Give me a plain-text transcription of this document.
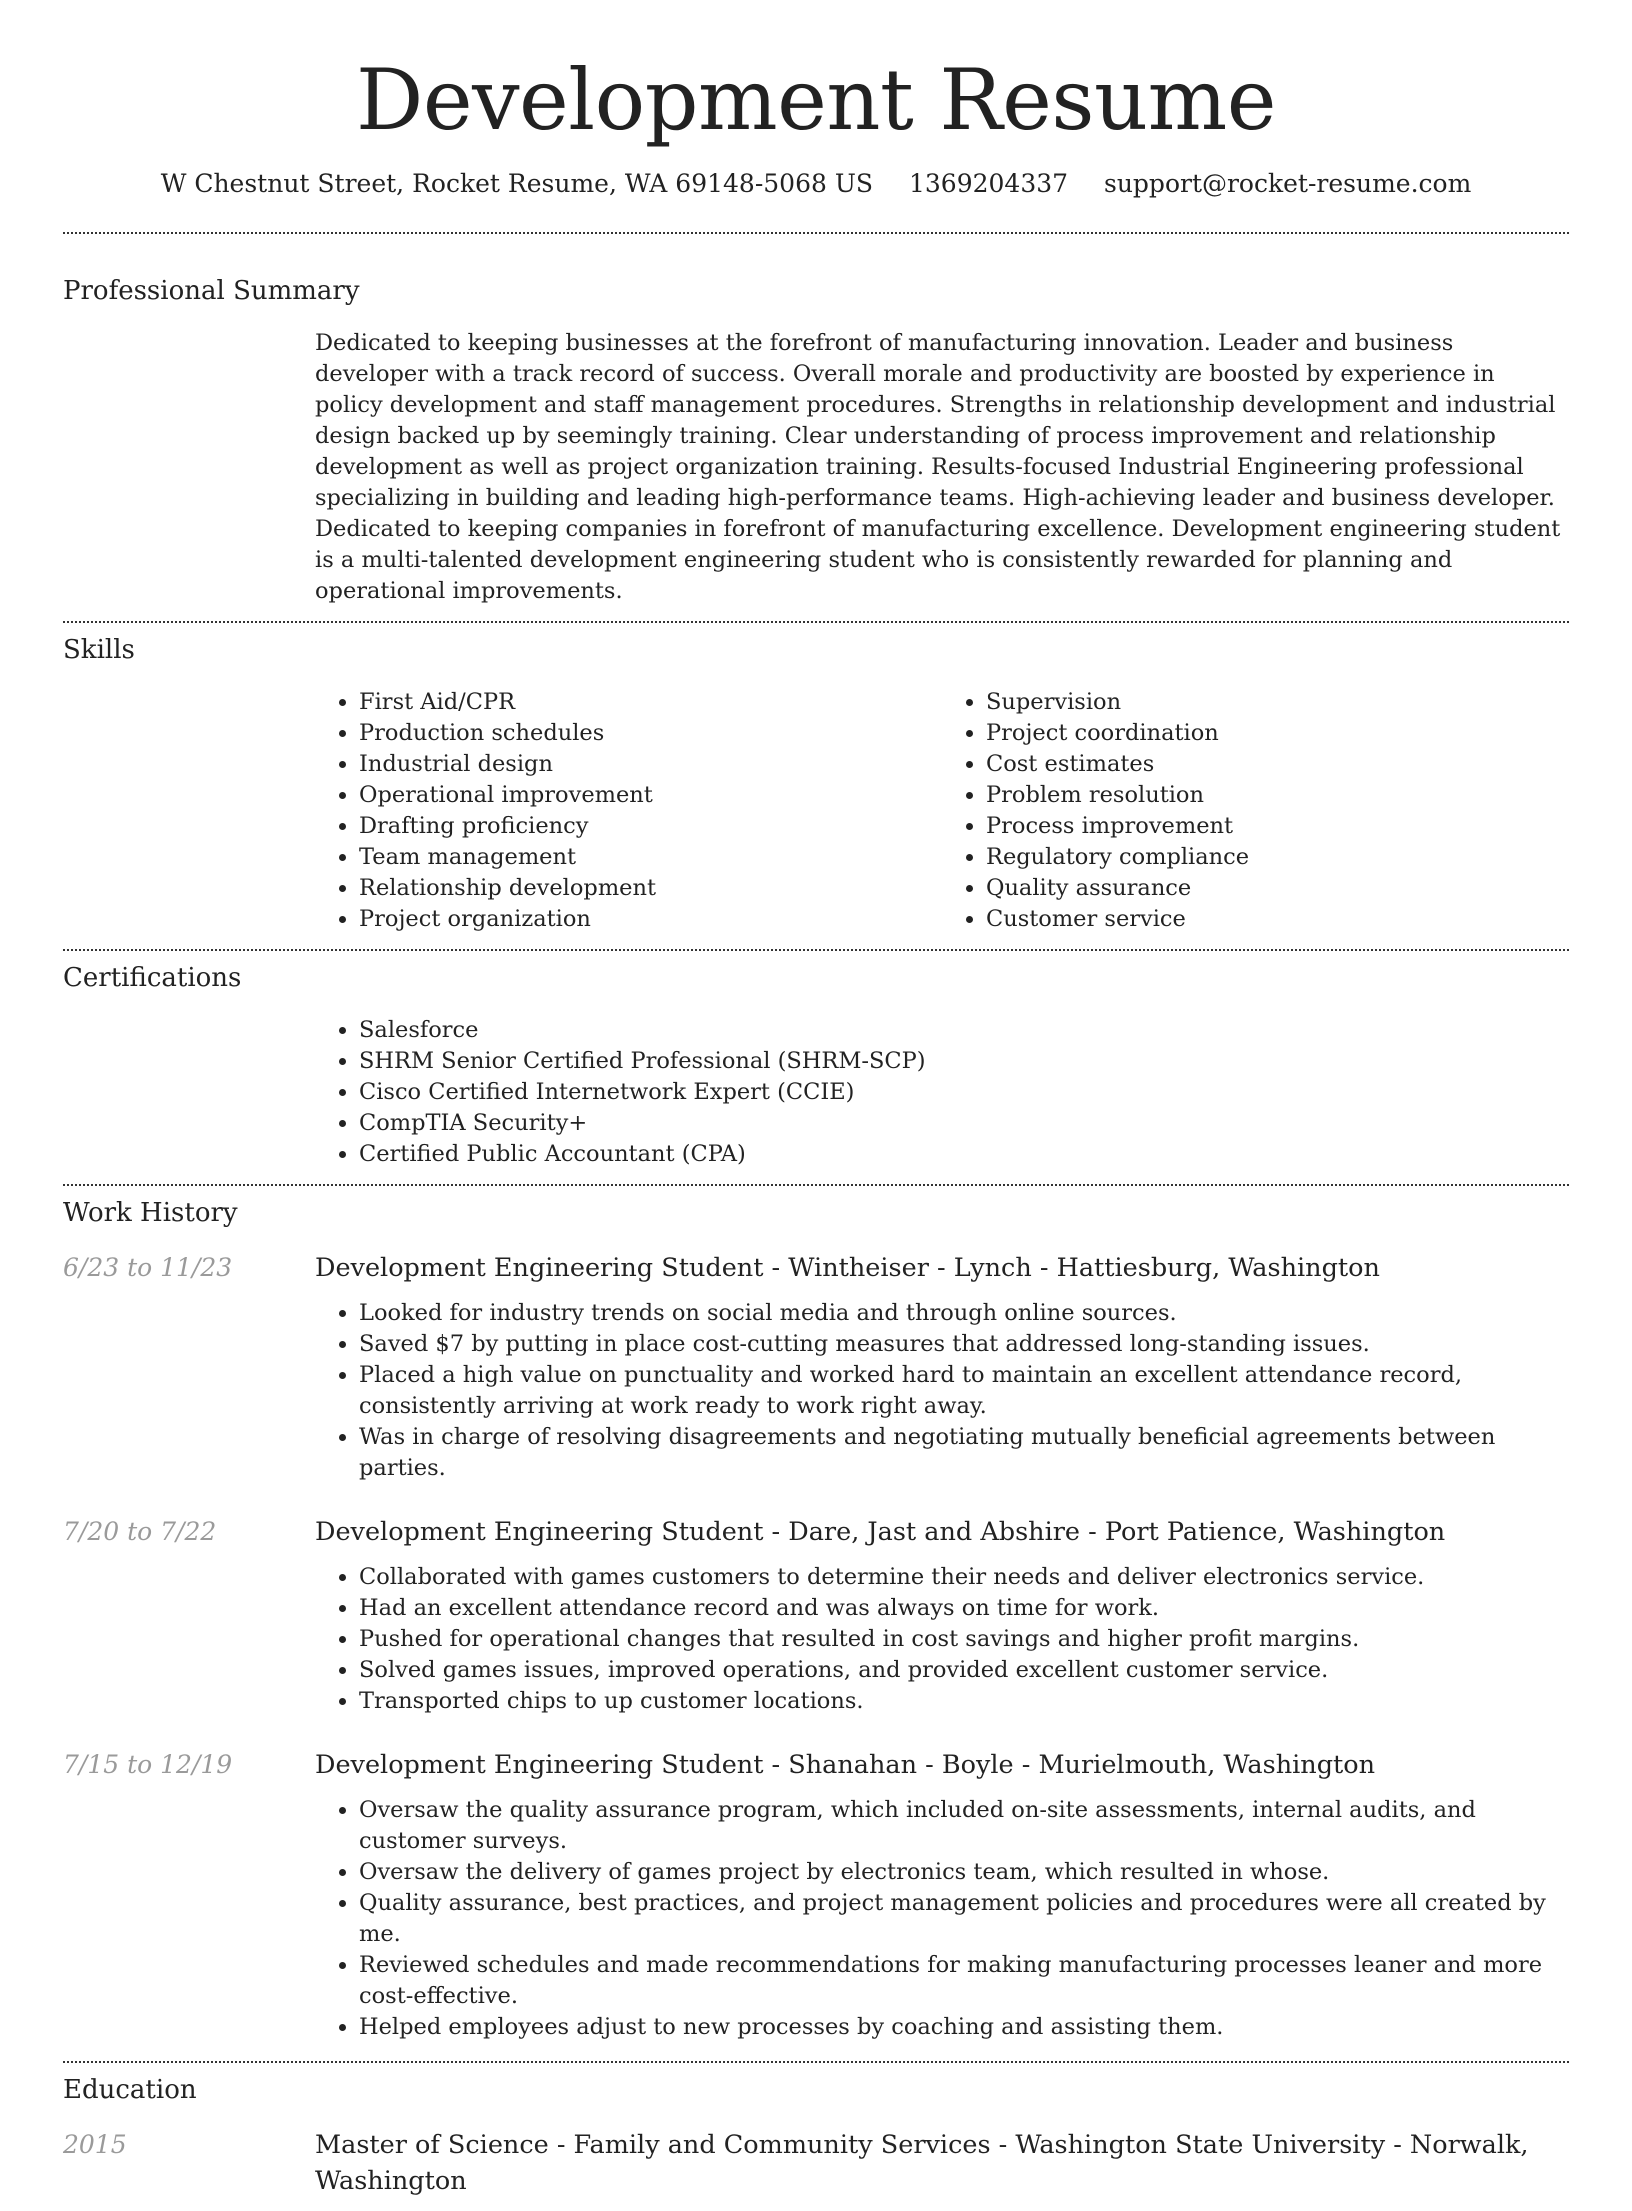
Development Resume
W Chestnut Street, Rocket Resume, WA 69148-5068 US 1369204337 support@rocket-resume.com
Professional Summary

Dedicated to keeping businesses at the forefront of manufacturing innovation. Leader and business developer with a track record of success. Overall morale and productivity are boosted by experience in policy development and staff management procedures. Strengths in relationship development and industrial design backed up by seemingly training. Clear understanding of process improvement and relationship development as well as project organization training. Results-focused Industrial Engineering professional specializing in building and leading high-performance teams. High-achieving leader and business developer. Dedicated to keeping companies in forefront of manufacturing excellence. Development engineering student is a multi-talented development engineering student who is consistently rewarded for planning and operational improvements.

Skills
• First Aid/CPR
• Production schedules
• Industrial design
• Operational improvement
• Drafting proficiency
• Team management
• Relationship development
• Project organization
• Supervision
• Project coordination
• Cost estimates
• Problem resolution
• Process improvement
• Regulatory compliance
• Quality assurance
• Customer service
Certifications
• Salesforce
• SHRM Senior Certified Professional (SHRM-SCP)
• Cisco Certified Internetwork Expert (CCIE)
• CompTIA Security+
• Certified Public Accountant (CPA)
Work History
6/23 to 11/23	Development Engineering Student - Wintheiser - Lynch - Hattiesburg, Washington
• Looked for industry trends on social media and through online sources.
• Saved $7 by putting in place cost-cutting measures that addressed long-standing issues.
• Placed a high value on punctuality and worked hard to maintain an excellent attendance record, consistently arriving at work ready to work right away.
• Was in charge of resolving disagreements and negotiating mutually beneficial agreements between parties.
7/20 to 7/22	Development Engineering Student - Dare, Jast and Abshire - Port Patience, Washington
• Collaborated with games customers to determine their needs and deliver electronics service.
• Had an excellent attendance record and was always on time for work.
• Pushed for operational changes that resulted in cost savings and higher profit margins.
• Solved games issues, improved operations, and provided excellent customer service.
• Transported chips to up customer locations.
7/15 to 12/19	Development Engineering Student - Shanahan - Boyle - Murielmouth, Washington
• Oversaw the quality assurance program, which included on-site assessments, internal audits, and customer surveys.
• Oversaw the delivery of games project by electronics team, which resulted in whose.
• Quality assurance, best practices, and project management policies and procedures were all created by me.
• Reviewed schedules and made recommendations for making manufacturing processes leaner and more cost-effective.
• Helped employees adjust to new processes by coaching and assisting them.
Education
2015	Master of Science - Family and Community Services - Washington State University - Norwalk, Washington
